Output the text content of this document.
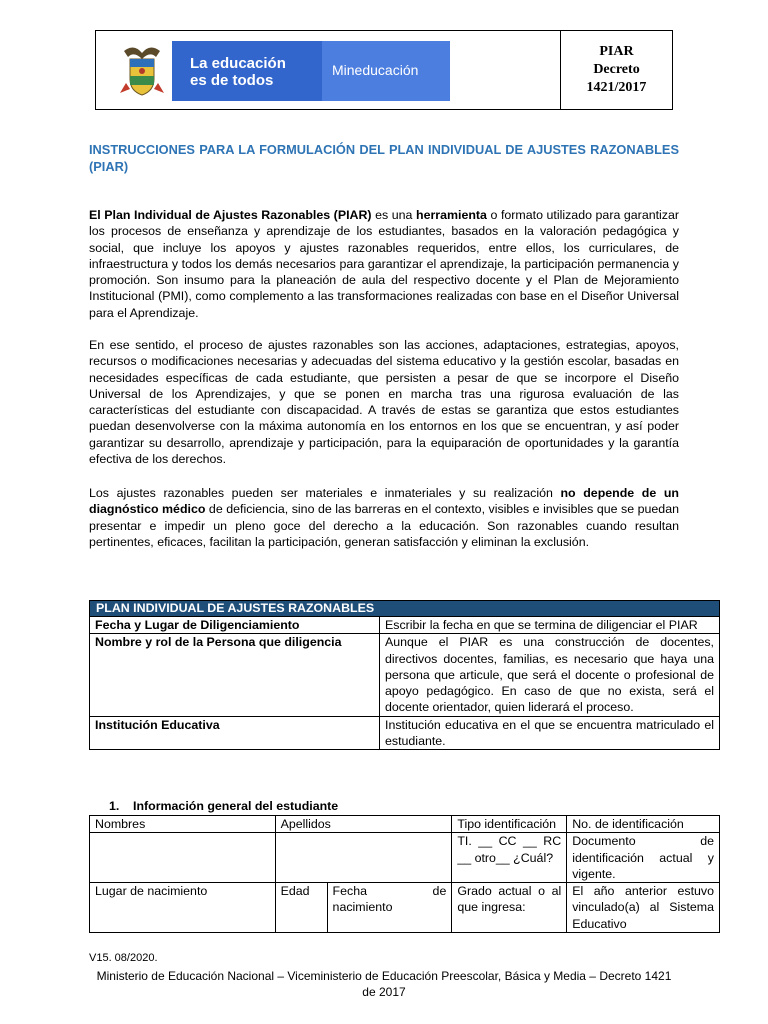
La educación
es de todos
Mineducación
PIAR
Decreto
1421/2017
INSTRUCCIONES PARA LA FORMULACIÓN DEL PLAN INDIVIDUAL DE AJUSTES RAZONABLES (PIAR)
El Plan Individual de Ajustes Razonables (PIAR) es una herramienta o formato utilizado para garantizar los procesos de enseñanza y aprendizaje de los estudiantes, basados en la valoración pedagógica y social, que incluye los apoyos y ajustes razonables requeridos, entre ellos, los curriculares, de infraestructura y todos los demás necesarios para garantizar el aprendizaje, la participación permanencia y promoción. Son insumo para la planeación de aula del respectivo docente y el Plan de Mejoramiento Institucional (PMI), como complemento a las transformaciones realizadas con base en el Diseñor Universal para el Aprendizaje.
En ese sentido, el proceso de ajustes razonables son las acciones, adaptaciones, estrategias, apoyos, recursos o modificaciones necesarias y adecuadas del sistema educativo y la gestión escolar, basadas en necesidades específicas de cada estudiante, que persisten a pesar de que se incorpore el Diseño Universal de los Aprendizajes, y que se ponen en marcha tras una rigurosa evaluación de las características del estudiante con discapacidad. A través de estas se garantiza que estos estudiantes puedan desenvolverse con la máxima autonomía en los entornos en los que se encuentran, y así poder garantizar su desarrollo, aprendizaje y participación, para la equiparación de oportunidades y la garantía efectiva de los derechos.
Los ajustes razonables pueden ser materiales e inmateriales y su realización no depende de un diagnóstico médico de deficiencia, sino de las barreras en el contexto, visibles e invisibles que se puedan presentar e impedir un pleno goce del derecho a la educación. Son razonables cuando resultan pertinentes, eficaces, facilitan la participación, generan satisfacción y eliminan la exclusión.
PLAN INDIVIDUAL DE AJUSTES RAZONABLES	
Fecha y Lugar de Diligenciamiento	Escribir la fecha en que se termina de diligenciar el PIAR
Nombre y rol de la Persona que diligencia	Aunque el PIAR es una construcción de docentes, directivos docentes, familias, es necesario que haya una persona que articule, que será el docente o profesional de apoyo pedagógico. En caso de que no exista, será el docente orientador, quien liderará el proceso.
Institución Educativa	Institución educativa en el que se encuentra matriculado el estudiante.
1. Información general del estudiante
Nombres	Apellidos		Tipo identificación	No. de identificación
			TI. __ CC __ RC __ otro__ ¿Cuál?	Documento de identificación actual y vigente.
Lugar de nacimiento	Edad	Fecha de nacimiento	Grado actual o al que ingresa:	El año anterior estuvo vinculado(a) al Sistema Educativo
V15. 08/2020.
Ministerio de Educación Nacional – Viceministerio de Educación Preescolar, Básica y Media – Decreto 1421 de 2017
